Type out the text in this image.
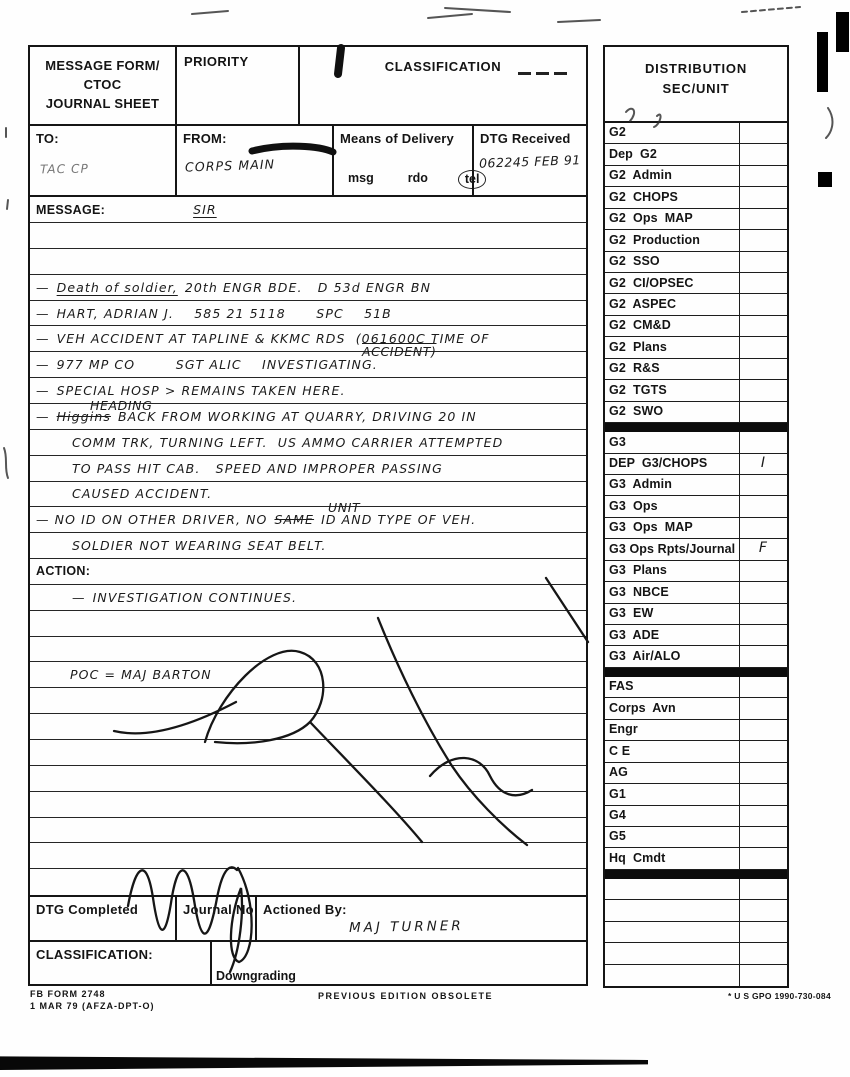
MESSAGE FORM/
CTOC
JOURNAL SHEET
PRIORITY	CLASSIFICATION
TO:
TAC CP
FROM:
CORPS MAIN
Means of Delivery
msg	rdo	tel
DTG Received
062245 FEB 91
MESSAGE:	SIR
— Death of soldier, 20th ENGR BDE.   D 53d ENGR BN
— HART, ADRIAN J.    585 21 5118      SPC    51B
— VEH ACCIDENT AT TAPLINE & KKMC RDS  (061600C TIME OF
— 977 MP CO        SGT ALIC    INVESTIGATING.
ACCIDENT)
— SPECIAL HOSP > REMAINS TAKEN HERE.
— Higgins BACK FROM WORKING AT QUARRY, DRIVING 20 IN
HEADING
COMM TRK, TURNING LEFT.  US AMMO CARRIER ATTEMPTED
TO PASS HIT CAB.   SPEED AND IMPROPER PASSING
CAUSED ACCIDENT.
— NO ID ON OTHER DRIVER, NO SAME ID AND TYPE OF VEH.
UNIT
SOLDIER NOT WEARING SEAT BELT.
ACTION:
— INVESTIGATION CONTINUES.
POC = MAJ BARTON
DTG Completed	Journal No Actioned By:
MAJ TURNER
CLASSIFICATION:
Downgrading
FB FORM 2748
1 MAR 79 (AFZA-DPT-O)
PREVIOUS EDITION OBSOLETE	* U S GPO 1990-730-084
DISTRIBUTION
SEC/UNIT
G2
Dep  G2
G2  Admin
G2  CHOPS
G2  Ops  MAP
G2  Production
G2  SSO
G2  CI/OPSEC
G2  ASPEC
G2  CM&D
G2  Plans
G2  R&S
G2  TGTS
G2  SWO
G3
DEP  G3/CHOPS	I
G3  Admin
G3  Ops
G3  Ops  MAP
G3 Ops Rpts/Journal	F
G3  Plans
G3  NBCE
G3  EW
G3  ADE
G3  Air/ALO
FAS
Corps  Avn
Engr
C E
AG
G1
G4
G5
Hq  Cmdt
